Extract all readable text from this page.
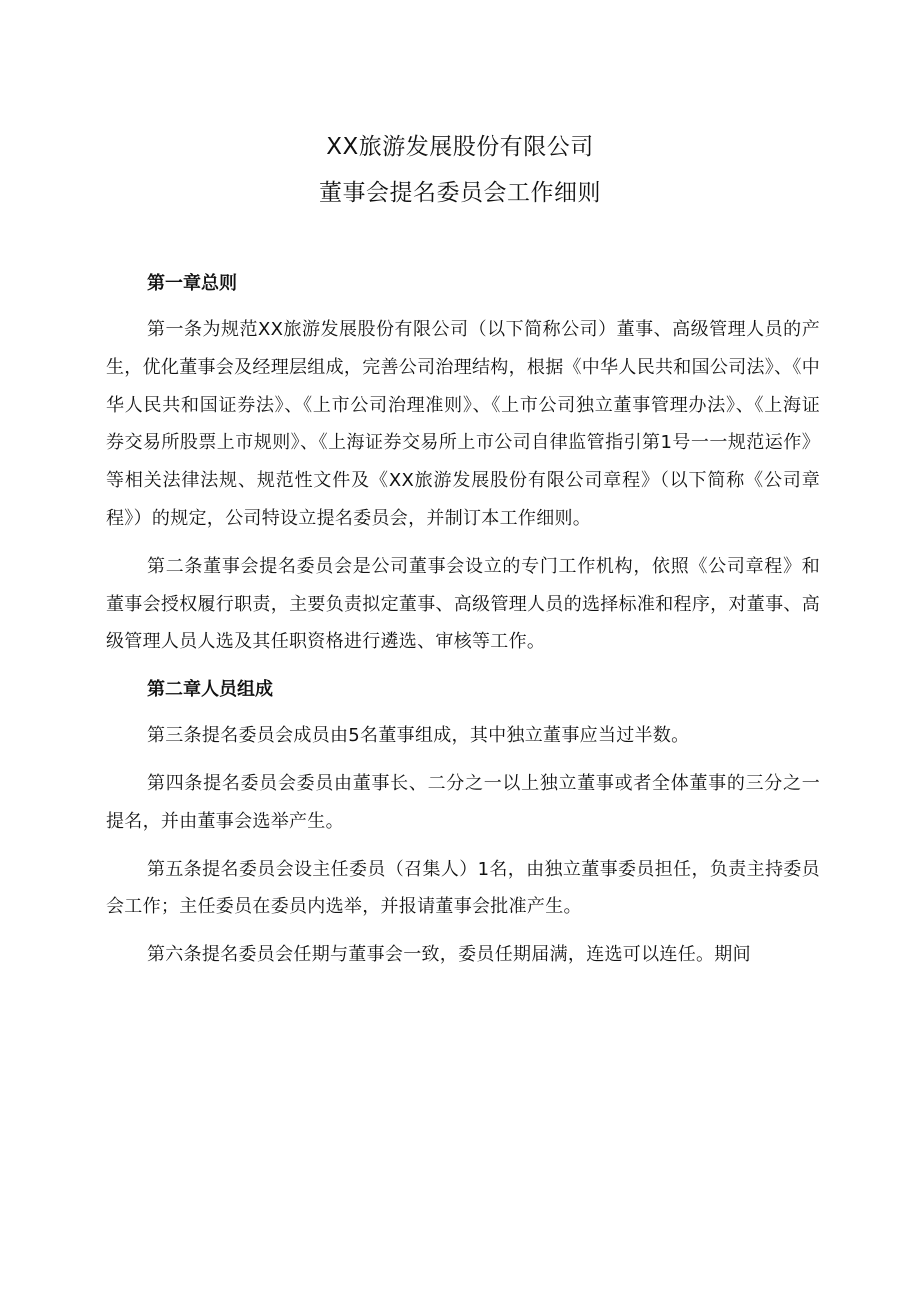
XX旅游发展股份有限公司
董事会提名委员会工作细则
第一章总则

第一条为规范XX旅游发展股份有限公司（以下简称公司）董事、高级管理人员的产生，优化董事会及经理层组成，完善公司治理结构，根据《中华人民共和国公司法》、《中华人民共和国证券法》、《上市公司治理准则》、《上市公司独立董事管理办法》、《上海证券交易所股票上市规则》、《上海证券交易所上市公司自律监管指引第1号一一规范运作》等相关法律法规、规范性文件及《XX旅游发展股份有限公司章程》（以下简称《公司章程》）的规定，公司特设立提名委员会，并制订本工作细则。

第二条董事会提名委员会是公司董事会设立的专门工作机构，依照《公司章程》和董事会授权履行职责，主要负责拟定董事、高级管理人员的选择标准和程序，对董事、高级管理人员人选及其任职资格进行遴选、审核等工作。

第二章人员组成

第三条提名委员会成员由5名董事组成，其中独立董事应当过半数。

第四条提名委员会委员由董事长、二分之一以上独立董事或者全体董事的三分之一提名，并由董事会选举产生。

第五条提名委员会设主任委员（召集人）1名，由独立董事委员担任，负责主持委员会工作；主任委员在委员内选举，并报请董事会批准产生。

第六条提名委员会任期与董事会一致，委员任期届满，连选可以连任。期间
